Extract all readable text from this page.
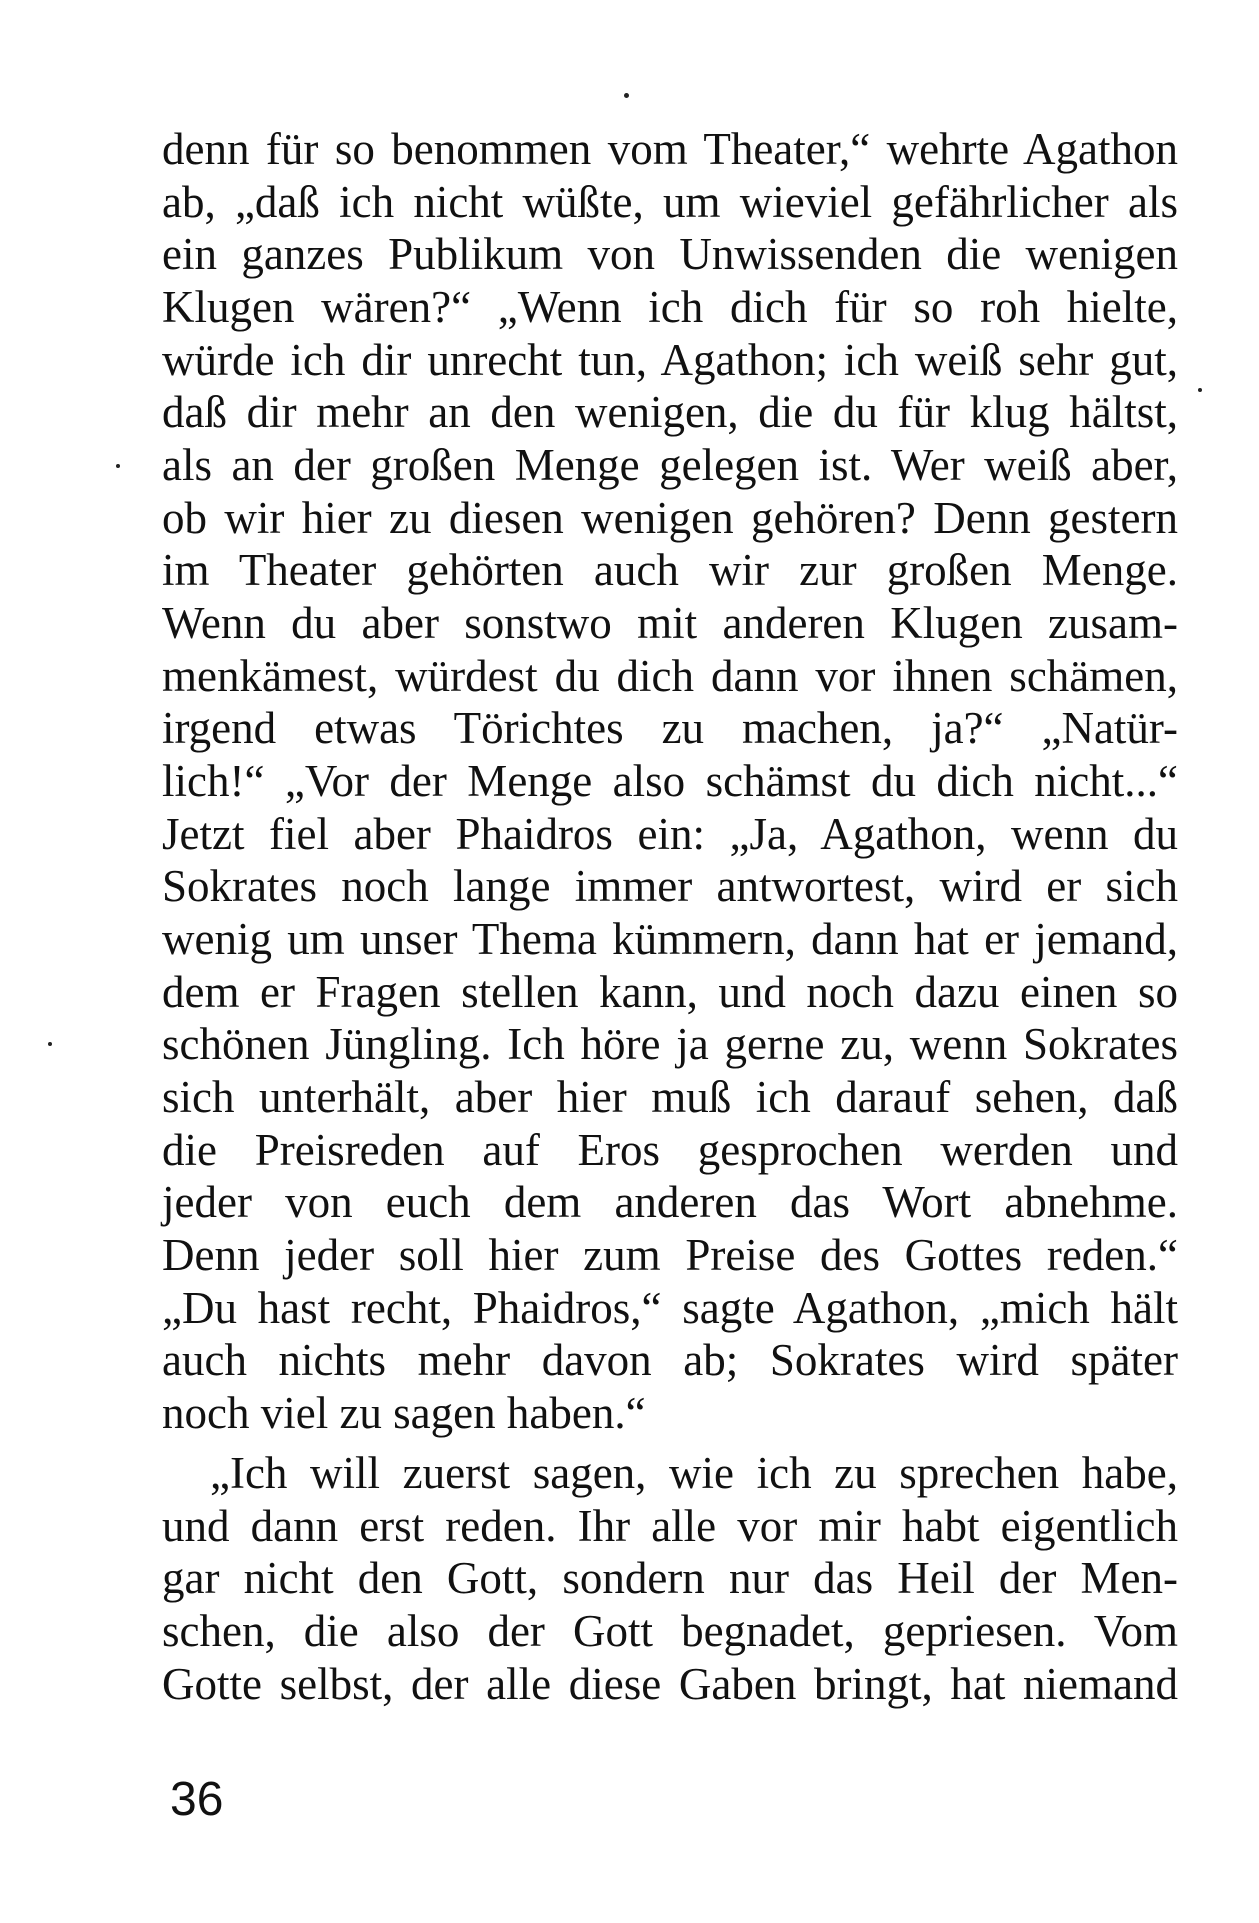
denn für so benommen vom Theater,“ wehrte Agathon
ab, „daß ich nicht wüßte, um wieviel gefährlicher als
ein ganzes Publikum von Unwissenden die wenigen
Klugen wären?“ „Wenn ich dich für so roh hielte,
würde ich dir unrecht tun, Agathon; ich weiß sehr gut,
daß dir mehr an den wenigen, die du für klug hältst,
als an der großen Menge gelegen ist. Wer weiß aber,
ob wir hier zu diesen wenigen gehören? Denn gestern
im Theater gehörten auch wir zur großen Menge.
Wenn du aber sonstwo mit anderen Klugen zusam-
menkämest, würdest du dich dann vor ihnen schämen,
irgend etwas Törichtes zu machen, ja?“ „Natür-
lich!“ „Vor der Menge also schämst du dich nicht...“
Jetzt fiel aber Phaidros ein: „Ja, Agathon, wenn du
Sokrates noch lange immer antwortest, wird er sich
wenig um unser Thema kümmern, dann hat er jemand,
dem er Fragen stellen kann, und noch dazu einen so
schönen Jüngling. Ich höre ja gerne zu, wenn Sokrates
sich unterhält, aber hier muß ich darauf sehen, daß
die Preisreden auf Eros gesprochen werden und
jeder von euch dem anderen das Wort abnehme.
Denn jeder soll hier zum Preise des Gottes reden.“
„Du hast recht, Phaidros,“ sagte Agathon, „mich hält
auch nichts mehr davon ab; Sokrates wird später
noch viel zu sagen haben.“
„Ich will zuerst sagen, wie ich zu sprechen habe,
und dann erst reden. Ihr alle vor mir habt eigentlich
gar nicht den Gott, sondern nur das Heil der Men-
schen, die also der Gott begnadet, gepriesen. Vom
Gotte selbst, der alle diese Gaben bringt, hat niemand
36
